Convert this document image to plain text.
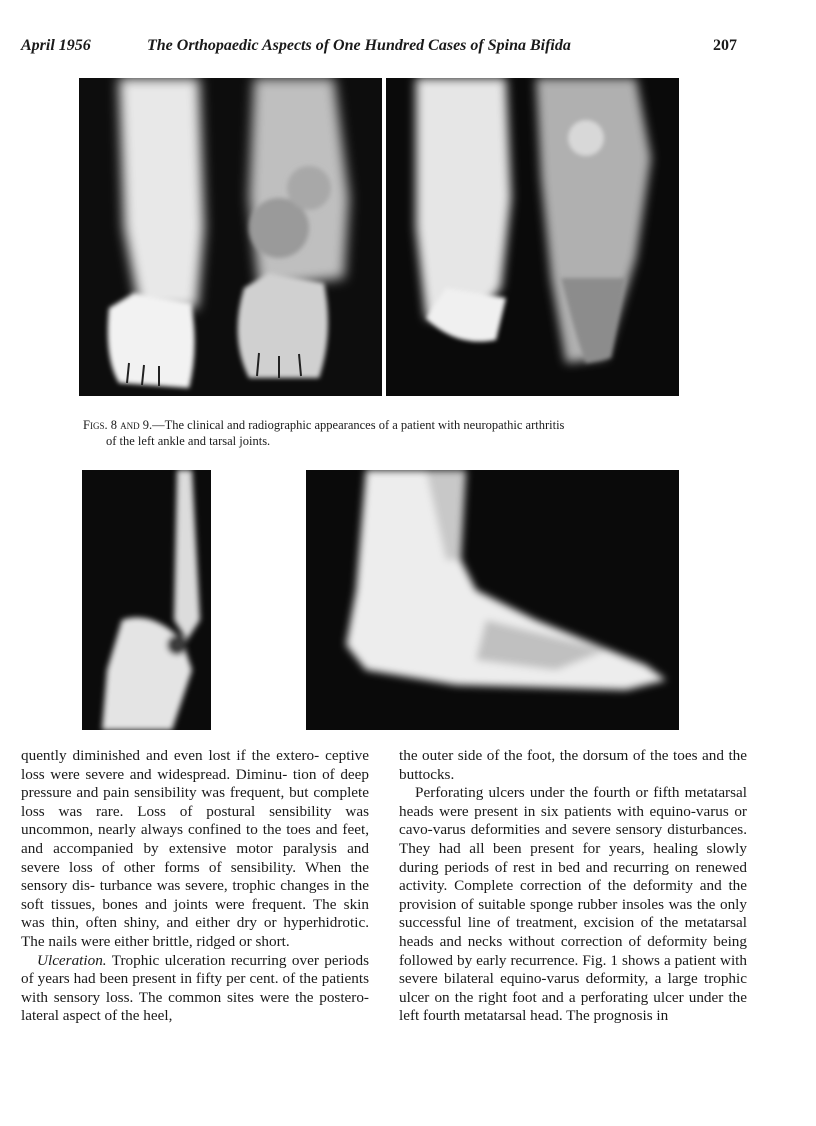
April 1956	The Orthopaedic Aspects of One Hundred Cases of Spina Bifida	207
Figs. 8 and 9.—The clinical and radiographic appearances of a patient with neuropathic arthritis
of the left ankle and tarsal joints.

quently diminished and even lost if the extero- ceptive loss were severe and widespread. Diminu- tion of deep pressure and pain sensibility was frequent, but complete loss was rare. Loss of postural sensibility was uncommon, nearly always confined to the toes and feet, and accompanied by extensive motor paralysis and severe loss of other forms of sensibility. When the sensory dis- turbance was severe, trophic changes in the soft tissues, bones and joints were frequent. The skin was thin, often shiny, and either dry or hyperhidrotic. The nails were either brittle, ridged or short.

Ulceration. Trophic ulceration recurring over periods of years had been present in fifty per cent. of the patients with sensory loss. The common sites were the postero-lateral aspect of the heel,

the outer side of the foot, the dorsum of the toes and the buttocks.

Perforating ulcers under the fourth or fifth metatarsal heads were present in six patients with equino-varus or cavo-varus deformities and severe sensory disturbances. They had all been present for years, healing slowly during periods of rest in bed and recurring on renewed activity. Complete correction of the deformity and the provision of suitable sponge rubber insoles was the only successful line of treatment, excision of the metatarsal heads and necks without correction of deformity being followed by early recurrence. Fig. 1 shows a patient with severe bilateral equino-varus deformity, a large trophic ulcer on the right foot and a perforating ulcer under the left fourth metatarsal head. The prognosis in
